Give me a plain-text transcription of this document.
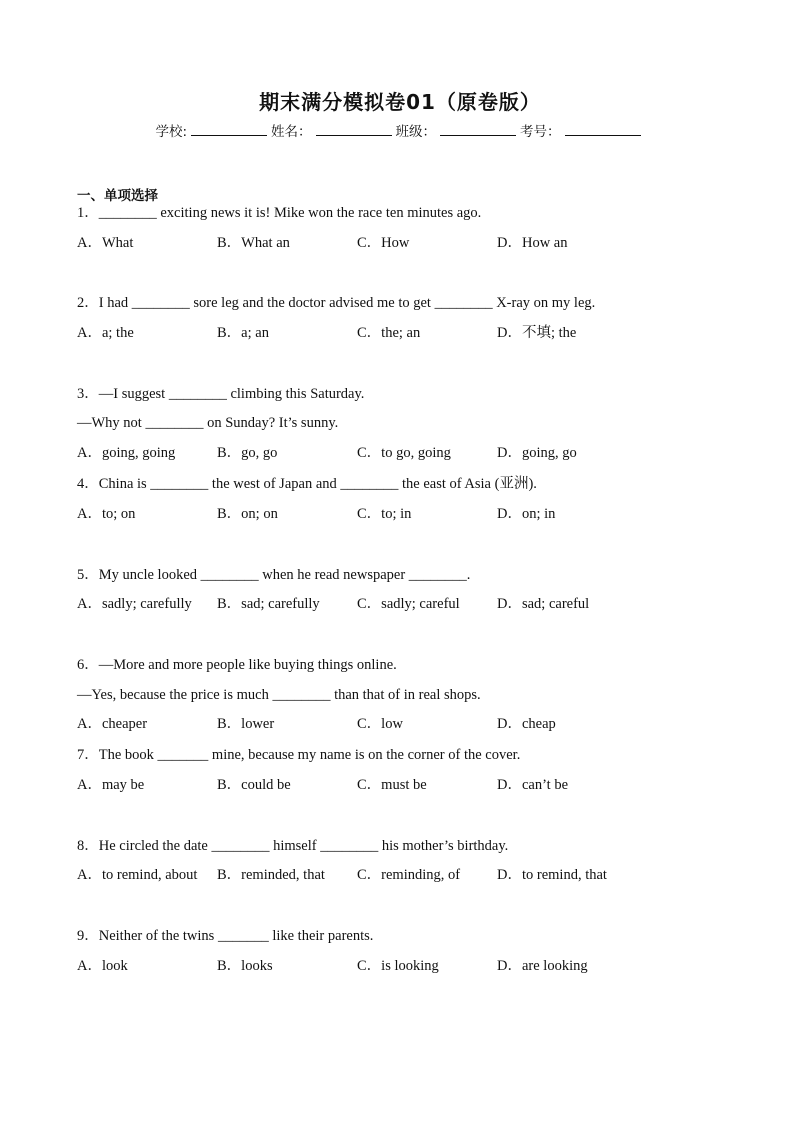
期末满分模拟卷01（原卷版）
学校:	姓名：	班级：	考号：
一、单项选择
1．________ exciting news it is! Mike won the race ten minutes ago.
A．What	B．What an	C．How	D．How an
2．I had ________ sore leg and the doctor advised me to get ________ X-ray on my leg.
A．a; the	B．a; an	C．the; an	D．不填; the
3．—I suggest ________ climbing this Saturday.
—Why not ________ on Sunday? It’s sunny.
A．going, going	B．go, go	C．to go, going	D．going, go
4．China is ________ the west of Japan and ________ the east of Asia (亚洲).
A．to; on	B．on; on	C．to; in	D．on; in
5．My uncle looked ________ when he read newspaper ________.
A．sadly; carefully	B．sad; carefully	C．sadly; careful	D．sad; careful
6．—More and more people like buying things online.
—Yes, because the price is much ________ than that of in real shops.
A．cheaper	B．lower	C．low	D．cheap
7．The book _______ mine, because my name is on the corner of the cover.
A．may be	B．could be	C．must be	D．can’t be
8．He circled the date ________ himself ________ his mother’s birthday.
A．to remind, about	B．reminded, that	C．reminding, of	D．to remind, that
9．Neither of the twins _______ like their parents.
A．look	B．looks	C．is looking	D．are looking
